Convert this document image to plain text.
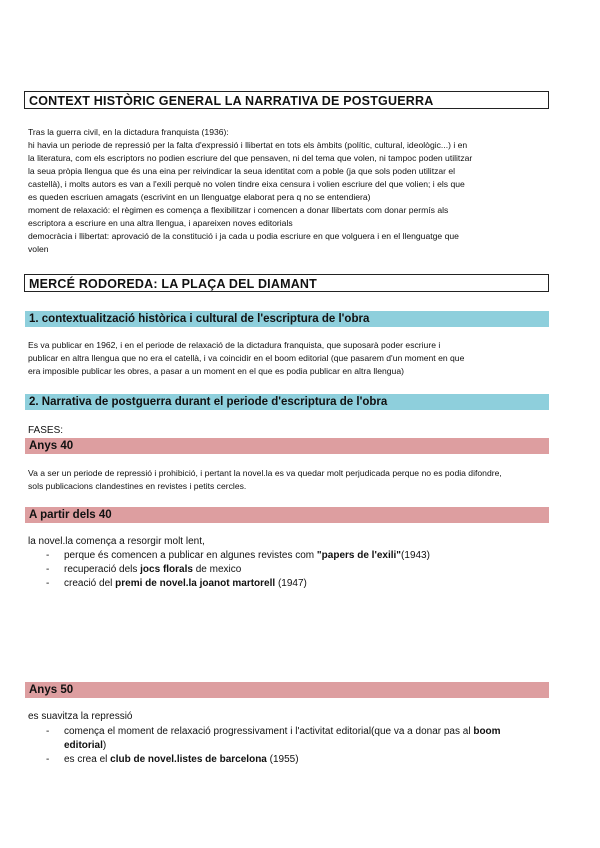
CONTEXT HISTÒRIC GENERAL LA NARRATIVA DE POSTGUERRA
Tras la guerra civil, en la dictadura franquista (1936):
hi havia un periode de repressió per la falta d'expressió i llibertat en tots els àmbits (polític, cultural, ideològic...) i en
la literatura, com els escriptors no podien escriure del que pensaven, ni del tema que volen, ni tampoc poden utilitzar
la seua pròpia llengua que és una eina per reivindicar la seua identitat com a poble (ja que sols poden utilitzar el
castellà), i molts autors es van a l'exili perquè no volen tindre eixa censura i volien escriure del que volien; i els que
es queden escriuen amagats (escrivint en un llenguatge elaborat pera q no se entendiera)
moment de relaxació: el règimen es comença a flexibilitzar i comencen a donar llibertats com donar permís als
escriptora a escriure en una altra llengua, i apareixen noves editorials
democràcia i llibertat: aprovació de la constitució i ja cada u podia escriure en que volguera i en el llenguatge que
volen
MERCÉ RODOREDA: LA PLAÇA DEL DIAMANT
1. contextualització històrica i cultural de l'escriptura de l'obra
Es va publicar en 1962, i en el periode de relaxació de la dictadura franquista, que suposarà poder escriure i
publicar en altra llengua que no era el catellà, i va coincidir en el boom editorial (que pasarem d'un moment en que
era imposible publicar les obres, a pasar a un moment en el que es podia publicar en altra llengua)
2. Narrativa de postguerra durant el periode d'escriptura de l'obra
FASES:
Anys 40
Va a ser un periode de repressió i prohibició, i pertant la novel.la es va quedar molt perjudicada perque no es podia difondre,
sols publicacions clandestines en revistes i petits cercles.
A partir dels 40
la novel.la comença a resorgir molt lent,
- perque és comencen a publicar en algunes revistes com "papers de l'exili"(1943)
- recuperació dels jocs florals de mexico
- creació del premi de novel.la joanot martorell (1947)
Anys 50
es suavitza la repressió
- comença el moment de relaxació progressivament i l'activitat editorial(que va a donar pas al boom
editorial)
- es crea el club de novel.listes de barcelona (1955)
